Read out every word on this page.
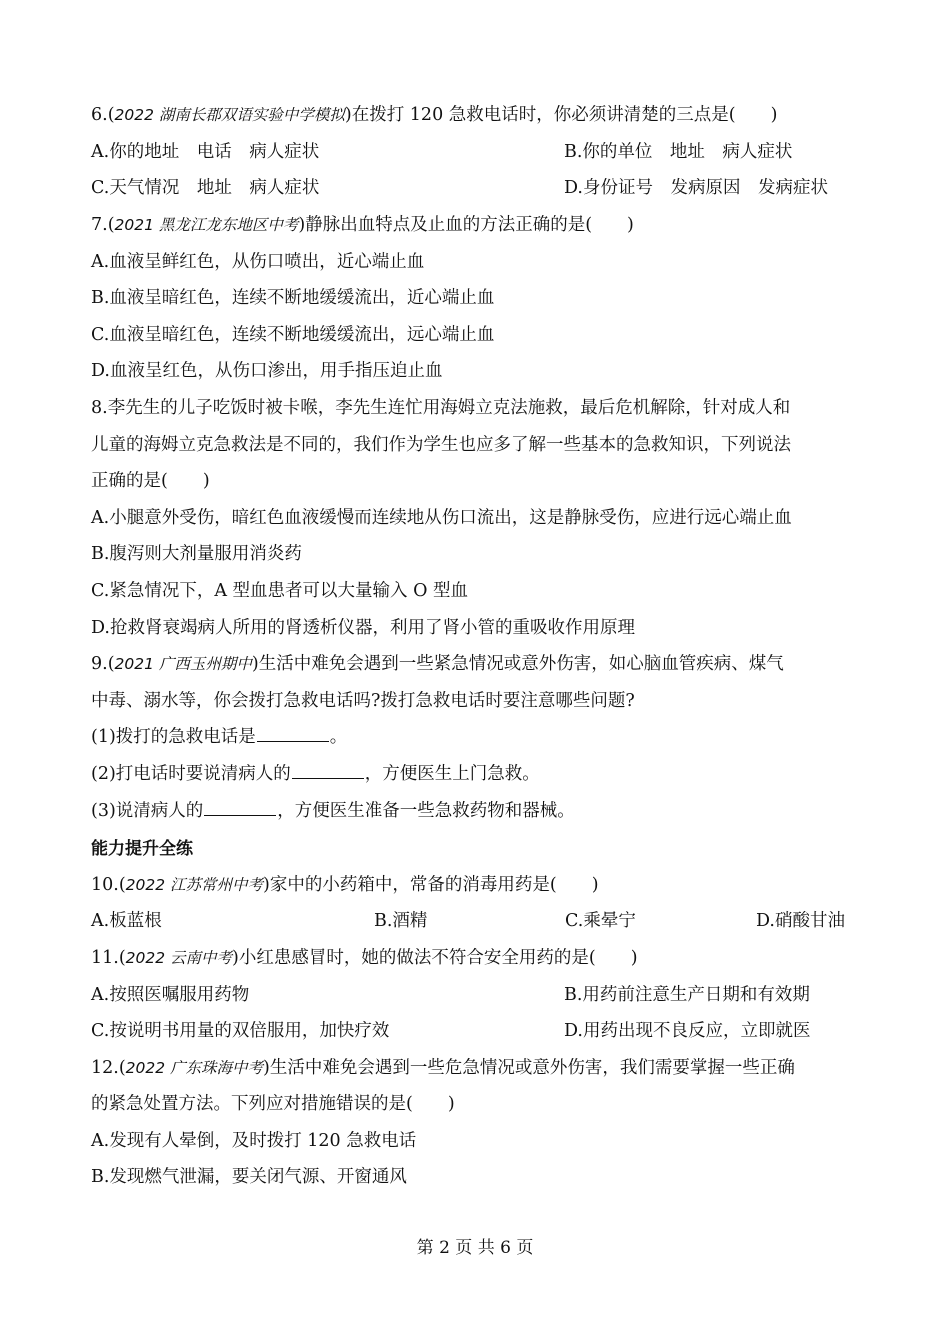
6.(2022 湖南长郡双语实验中学模拟)在拨打 120 急救电话时，你必须讲清楚的三点是(　　)
A.你的地址　电话　病人症状	B.你的单位　地址　病人症状
C.天气情况　地址　病人症状	D.身份证号　发病原因　发病症状
7.(2021 黑龙江龙东地区中考)静脉出血特点及止血的方法正确的是(　　)
A.血液呈鲜红色，从伤口喷出，近心端止血
B.血液呈暗红色，连续不断地缓缓流出，近心端止血
C.血液呈暗红色，连续不断地缓缓流出，远心端止血
D.血液呈红色，从伤口渗出，用手指压迫止血
8.李先生的儿子吃饭时被卡喉，李先生连忙用海姆立克法施救，最后危机解除，针对成人和
儿童的海姆立克急救法是不同的，我们作为学生也应多了解一些基本的急救知识，下列说法
正确的是(　　)
A.小腿意外受伤，暗红色血液缓慢而连续地从伤口流出，这是静脉受伤，应进行远心端止血
B.腹泻则大剂量服用消炎药
C.紧急情况下，A 型血患者可以大量输入 O 型血
D.抢救肾衰竭病人所用的肾透析仪器，利用了肾小管的重吸收作用原理
9.(2021 广西玉州期中)生活中难免会遇到一些紧急情况或意外伤害，如心脑血管疾病、煤气
中毒、溺水等，你会拨打急救电话吗?拨打急救电话时要注意哪些问题?
(1)拨打的急救电话是	。
(2)打电话时要说清病人的	，方便医生上门急救。
(3)说清病人的	，方便医生准备一些急救药物和器械。
能力提升全练
10.(2022 江苏常州中考)家中的小药箱中，常备的消毒用药是(　　)
A.板蓝根	B.酒精	C.乘晕宁	D.硝酸甘油
11.(2022 云南中考)小红患感冒时，她的做法不符合安全用药的是(　　)
A.按照医嘱服用药物	B.用药前注意生产日期和有效期
C.按说明书用量的双倍服用，加快疗效	D.用药出现不良反应，立即就医
12.(2022 广东珠海中考)生活中难免会遇到一些危急情况或意外伤害，我们需要掌握一些正确
的紧急处置方法。下列应对措施错误的是(　　)
A.发现有人晕倒，及时拨打 120 急救电话
B.发现燃气泄漏，要关闭气源、开窗通风
第 2 页 共 6 页
